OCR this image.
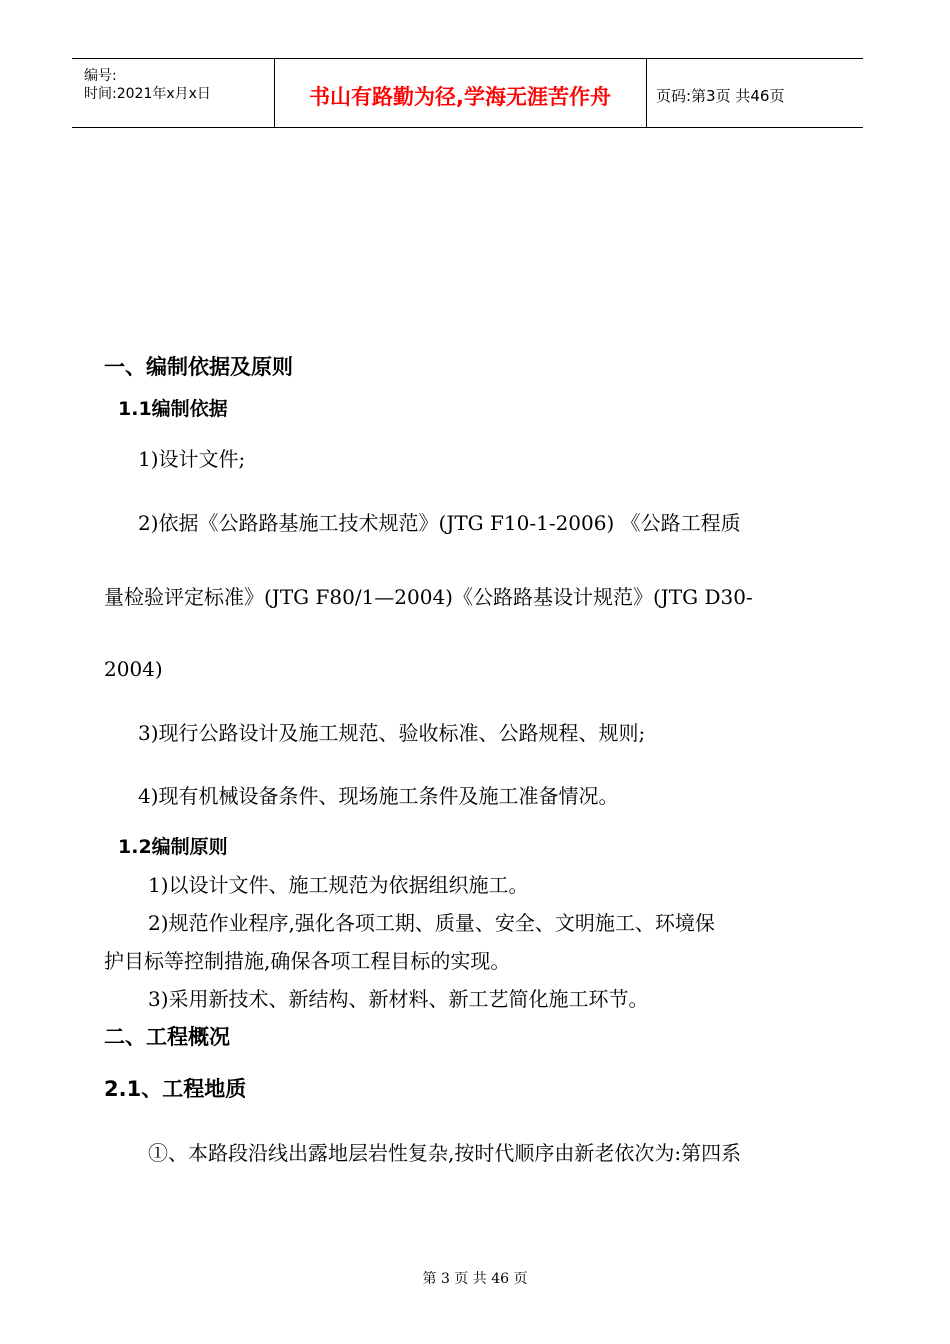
编号:
时间:2021年x月x日	书山有路勤为径,学海无涯苦作舟	页码:第3页 共46页
一、编制依据及原则
1.1编制依据
1)设计文件;
2)依据《公路路基施工技术规范》(JTG F10-1-2006) 《公路工程质
量检验评定标准》(JTG F80/1—2004)《公路路基设计规范》(JTG D30-
2004)
3)现行公路设计及施工规范、验收标准、公路规程、规则;
4)现有机械设备条件、现场施工条件及施工准备情况。
1.2编制原则
1)以设计文件、施工规范为依据组织施工。
2)规范作业程序,强化各项工期、质量、安全、文明施工、环境保
护目标等控制措施,确保各项工程目标的实现。
3)采用新技术、新结构、新材料、新工艺简化施工环节。
二、工程概况
2.1、工程地质
①、本路段沿线出露地层岩性复杂,按时代顺序由新老依次为:第四系
第 3 页 共 46 页
